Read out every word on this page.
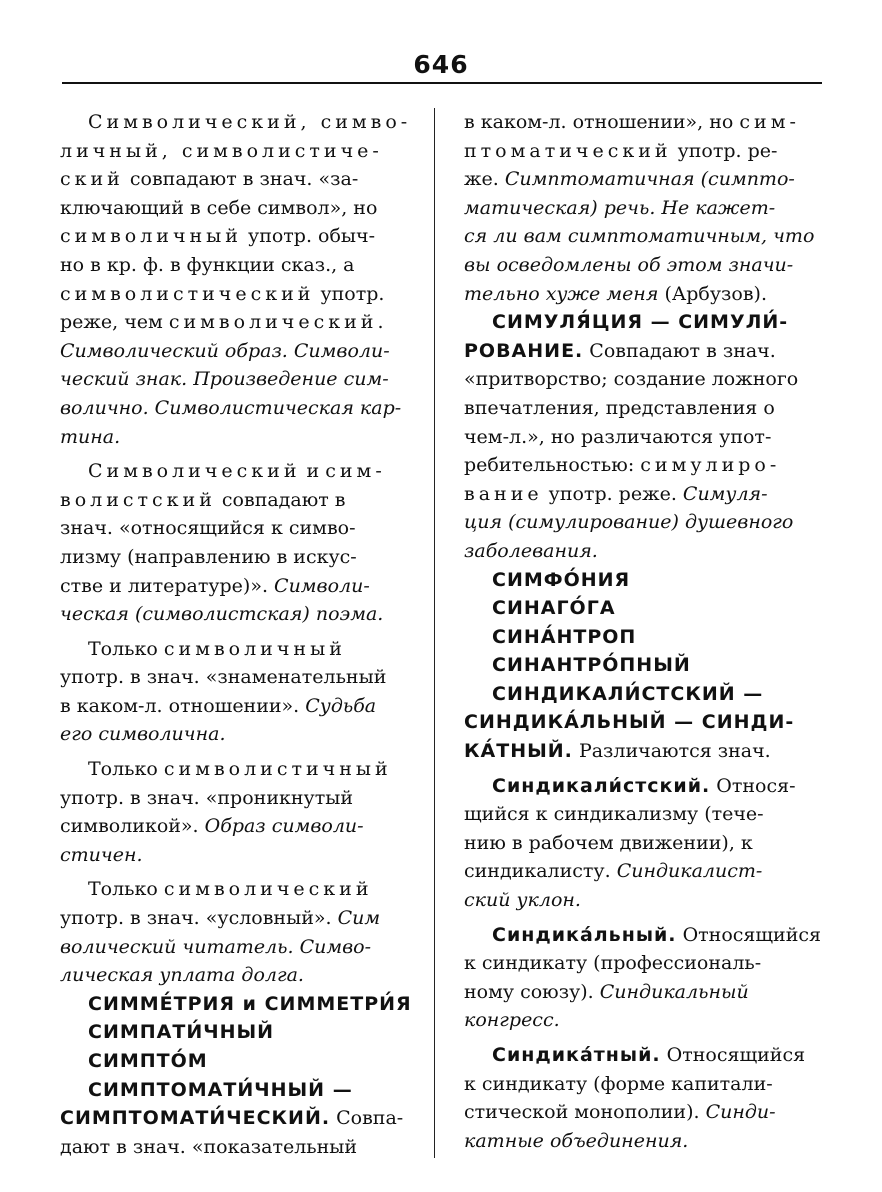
646
Символический, симво-
личный, символистиче-
ский совпадают в знач. «за-
ключающий в себе символ», но
символичный употр. обыч-
но в кр. ф. в функции сказ., а
символистический употр.
реже, чем символический.
Символический образ. Символи-
ческий знак. Произведение сим-
волично. Символистическая кар-
тина.
Символический и сим-
волистский совпадают в
знач. «относящийся к симво-
лизму (направлению в искус-
стве и литературе)». Символи-
ческая (символистская) поэма.
Только символичный
употр. в знач. «знаменательный
в каком-л. отношении». Судьба
его символична.
Только символистичный
употр. в знач. «проникнутый
символикой». Образ символи-
стичен.
Только символический
употр. в знач. «условный». Сим
волический читатель. Симво-
лическая уплата долга.
СИММЕ́ТРИЯ и СИММЕТРИ́Я
СИМПАТИ́ЧНЫЙ
СИМПТО́М
СИМПТОМАТИ́ЧНЫЙ —
СИМПТОМАТИ́ЧЕСКИЙ. Совпа-
дают в знач. «показательный
в каком-л. отношении», но сим-
птоматический употр. ре-
же. Симптоматичная (симпто-
матическая) речь. Не кажет-
ся ли вам симптоматичным, что
вы осведомлены об этом значи-
тельно хуже меня (Арбузов).
СИМУЛЯ́ЦИЯ — СИМУЛИ́-
РОВАНИЕ. Совпадают в знач.
«притворство; создание ложного
впечатления, представления о
чем-л.», но различаются упот-
ребительностью: симулиро-
вание употр. реже. Симуля-
ция (симулирование) душевного
заболевания.
СИМФО́НИЯ
СИНАГО́ГА
СИНА́НТРОП
СИНАНТРО́ПНЫЙ
СИНДИКАЛИ́СТСКИЙ —
СИНДИКА́ЛЬНЫЙ — СИНДИ-
КА́ТНЫЙ. Различаются знач.
Синдикали́стский. Относя-
щийся к синдикализму (тече-
нию в рабочем движении), к
синдикалисту. Синдикалист-
ский уклон.
Синдика́льный. Относящийся
к синдикату (профессиональ-
ному союзу). Синдикальный
конгресс.
Синдика́тный. Относящийся
к синдикату (форме капитали-
стической монополии). Синди-
катные объединения.
